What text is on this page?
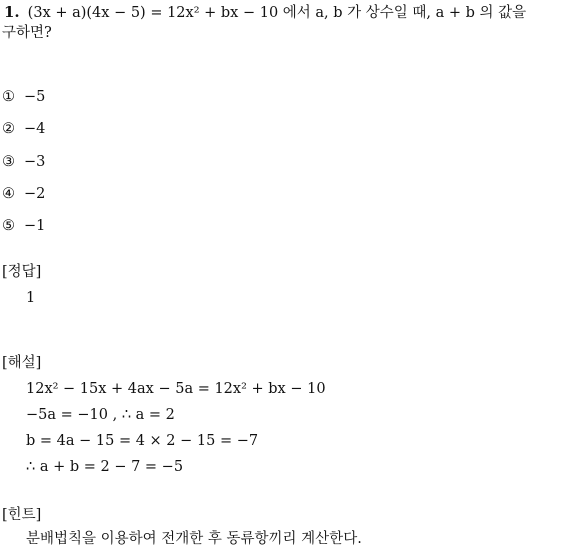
1. (3x + a)(4x − 5) = 12x² + bx − 10 에서 a, b 가 상수일 때, a + b 의 값을
구하면?
① −5
② −4
③ −3
④ −2
⑤ −1
[정답]
1
[해설]
12x² − 15x + 4ax − 5a = 12x² + bx − 10
−5a = −10 , ∴ a = 2
b = 4a − 15 = 4 × 2 − 15 = −7
∴ a + b = 2 − 7 = −5
[힌트]
분배법칙을 이용하여 전개한 후 동류항끼리 계산한다.
